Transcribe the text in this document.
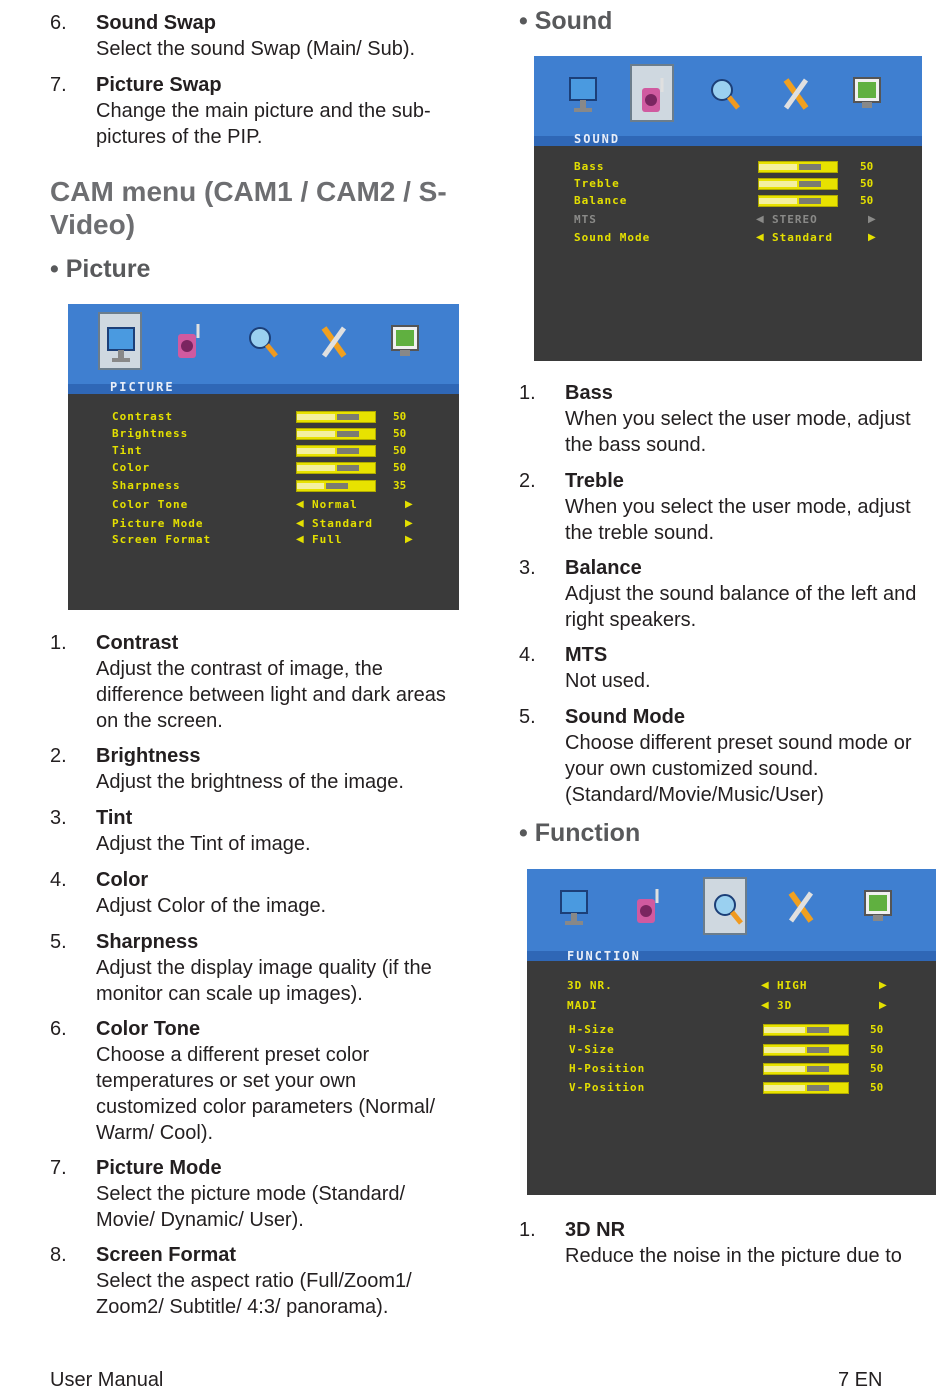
6. Sound Swap
Select the sound Swap (Main/ Sub).
7. Picture Swap
Change the main picture and the sub-pictures of the PIP.
CAM menu (CAM1 / CAM2 / S-Video)
• Picture
PICTURE
Contrast	50
Brightness	50
Tint	50
Color	50
Sharpness	35
Color Tone	◀ Normal	▶
Picture Mode	◀ Standard	▶
Screen Format	◀ Full	▶
1. Contrast
Adjust the contrast of image, the difference between light and dark areas on the screen.
2. Brightness
Adjust the brightness of the image.
3. Tint
Adjust the Tint of image.
4. Color
Adjust Color of the image.
5. Sharpness
Adjust the display image quality (if the monitor can scale up images).
6. Color Tone
Choose a different preset color temperatures or set your own customized color parameters (Normal/ Warm/ Cool).
7. Picture Mode
Select the picture mode (Standard/ Movie/ Dynamic/ User).
8. Screen Format
Select the aspect ratio (Full/Zoom1/ Zoom2/ Subtitle/ 4:3/ panorama).
• Sound
SOUND
Bass	50
Treble	50
Balance	50
MTS	◀ STEREO	▶
Sound Mode	◀ Standard	▶
1. Bass
When you select the user mode, adjust the bass sound.
2. Treble
When you select the user mode, adjust the treble sound.
3. Balance
Adjust the sound balance of the left and right speakers.
4. MTS
Not used.
5. Sound Mode
Choose different preset sound mode or your own customized sound. (Standard/Movie/Music/User)
• Function
FUNCTION
3D NR.	◀ HIGH	▶
MADI	◀ 3D	▶
H-Size	50
V-Size	50
H-Position	50
V-Position	50
1. 3D NR
Reduce the noise in the picture due to
User Manual	7 EN
